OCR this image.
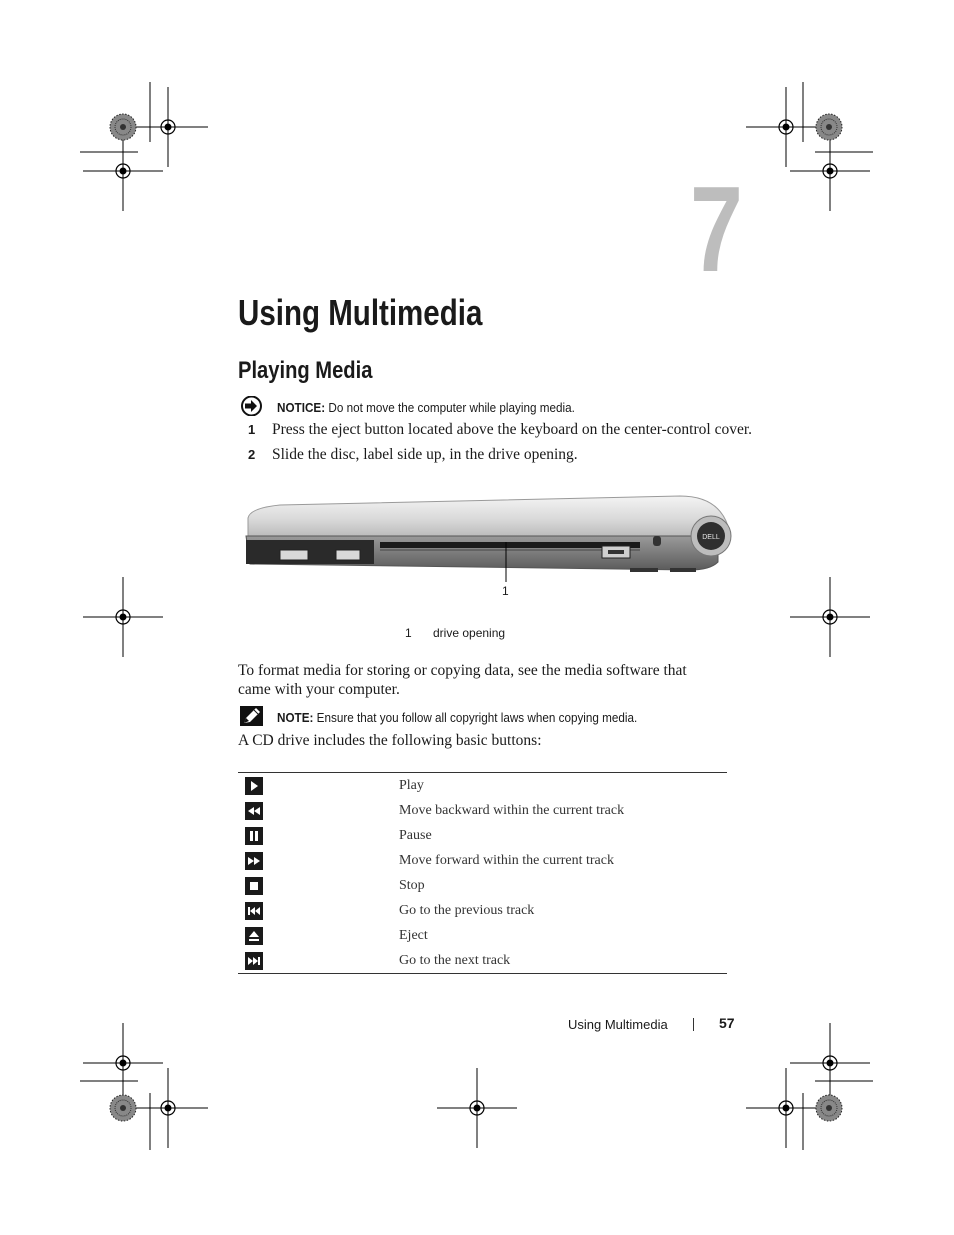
7
Using Multimedia
Playing Media
NOTICE: Do not move the computer while playing media.
1 Press the eject button located above the keyboard on the center-control cover.
2 Slide the disc, label side up, in the drive opening.
DELL
1
1 drive opening
To format media for storing or copying data, see the media software that came with your computer.
NOTE: Ensure that you follow all copyright laws when copying media.
A CD drive includes the following basic buttons:
	Play

	Move backward within the current track

	Pause

	Move forward within the current track

	Stop

	Go to the previous track

	Eject

	Go to the next track
Using Multimedia	57
